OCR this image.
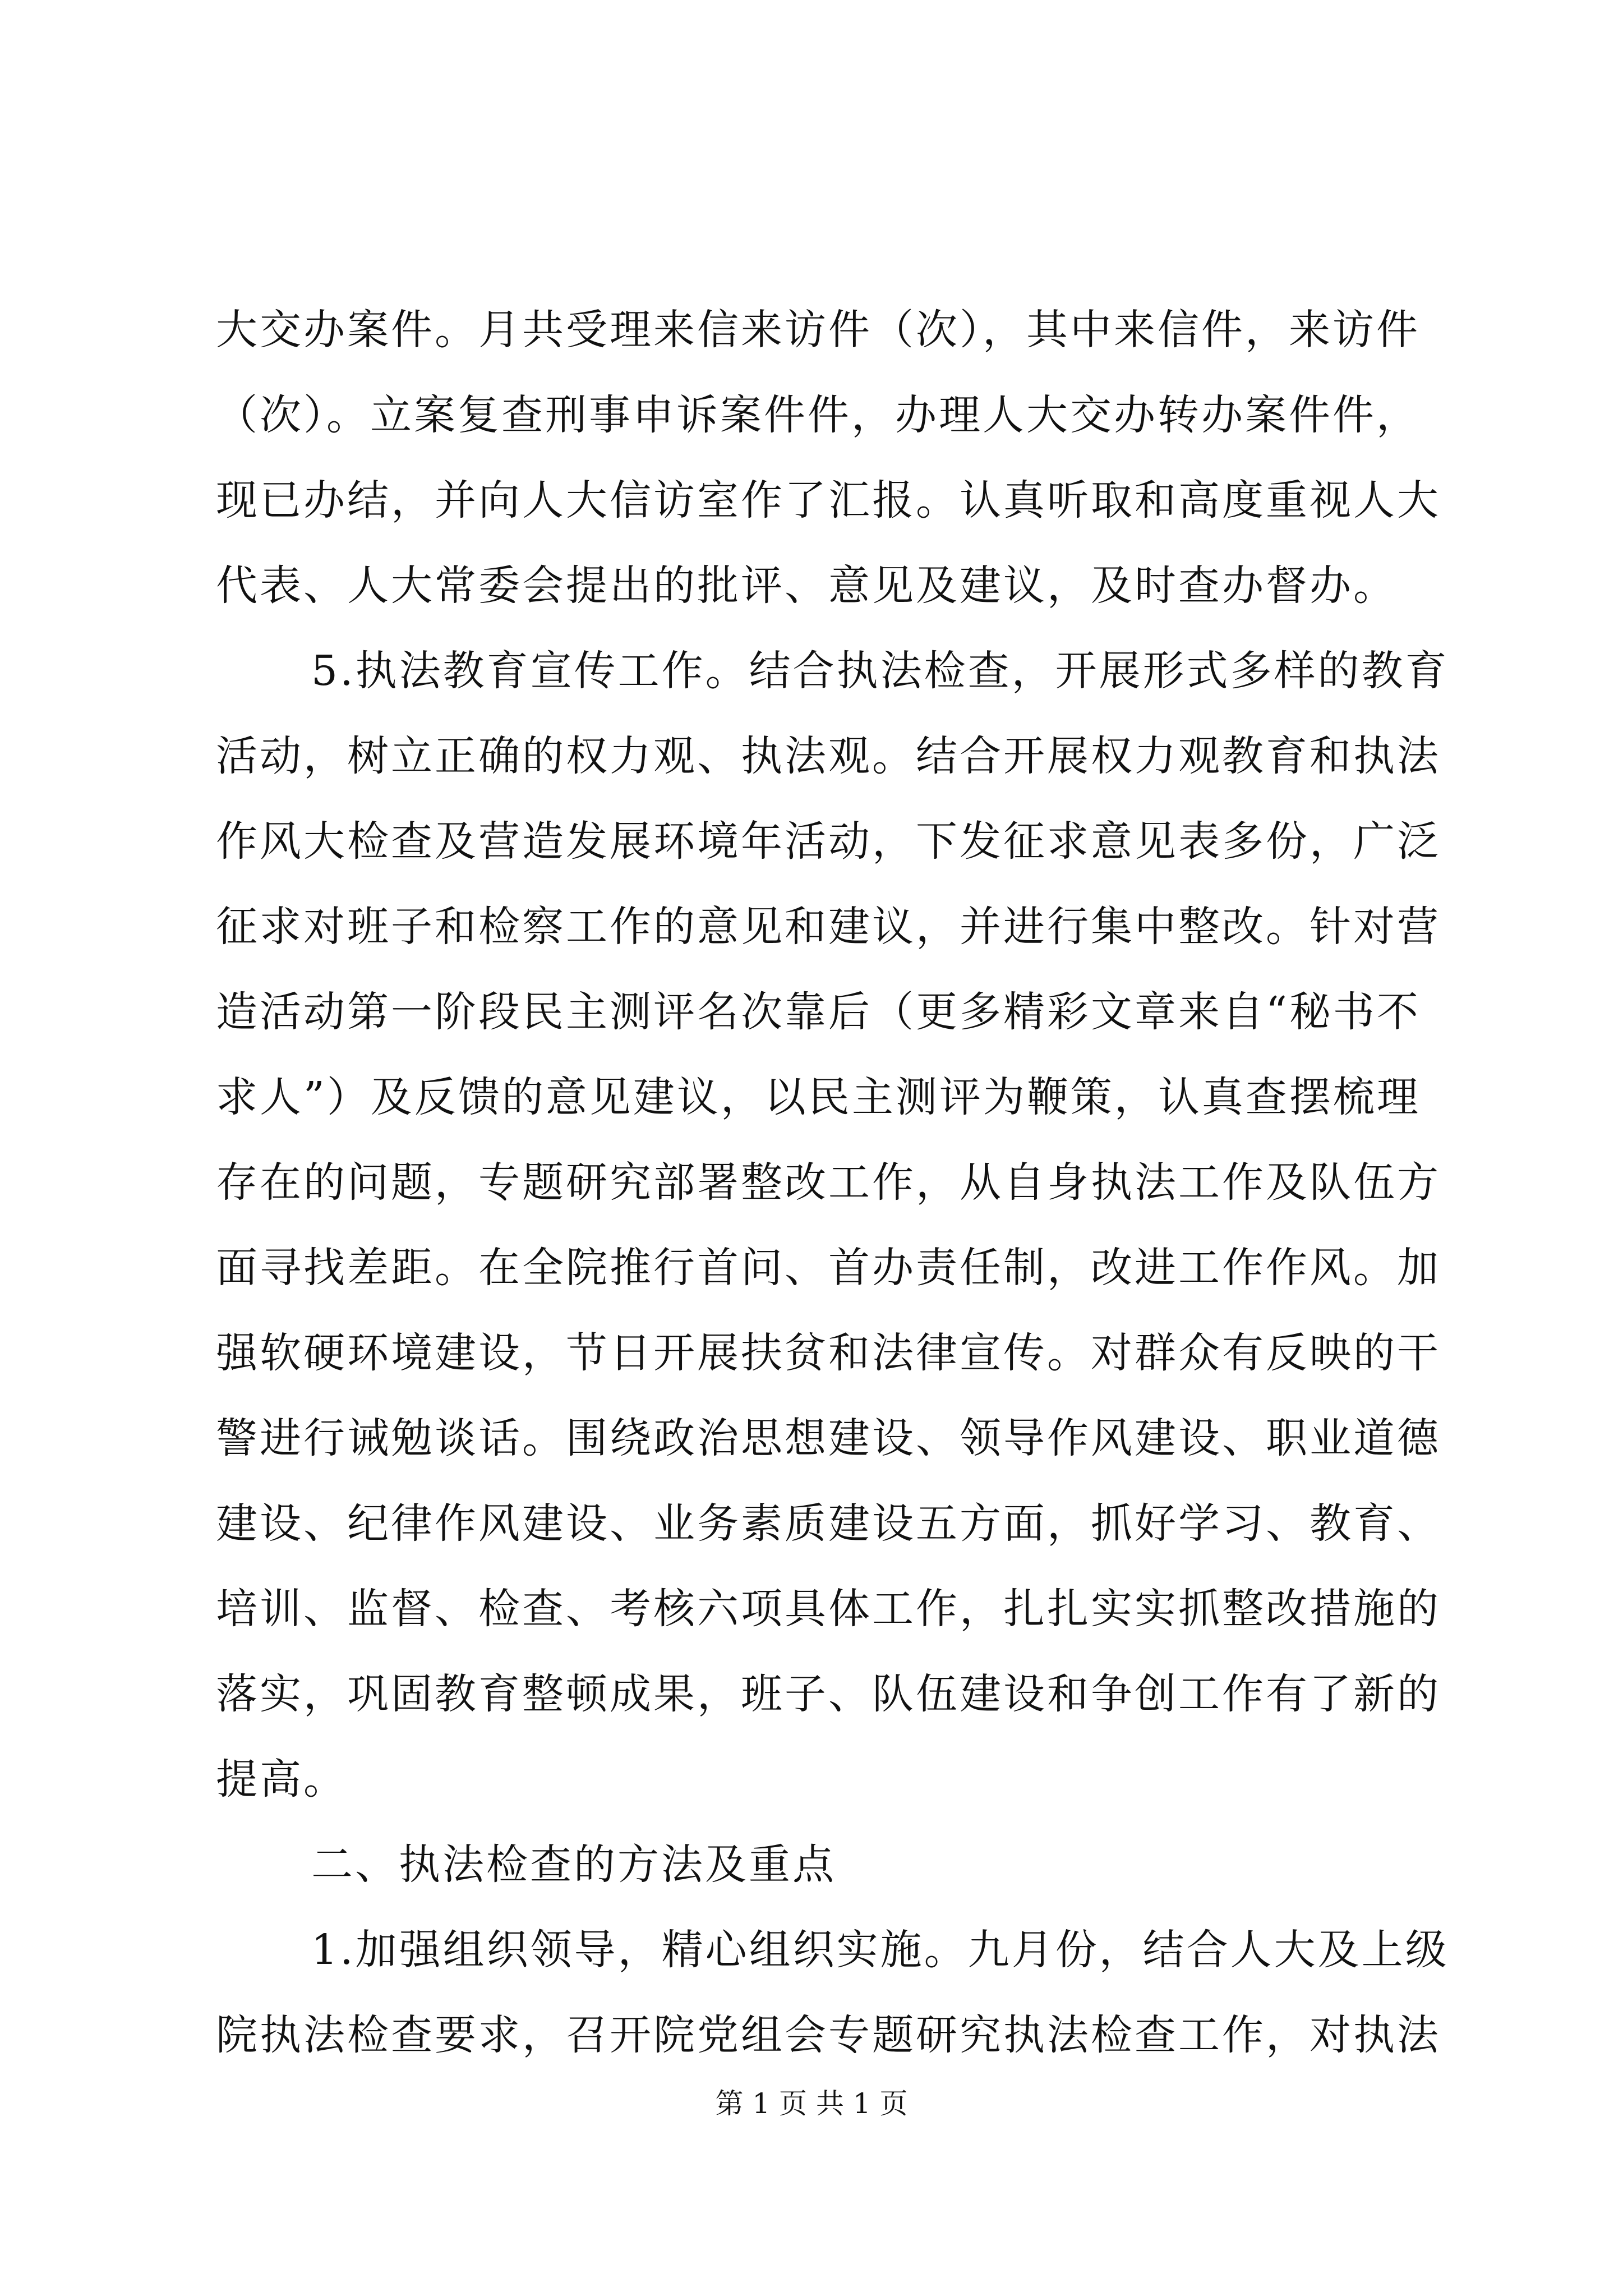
大交办案件。月共受理来信来访件（次），其中来信件，来访件
（次）。立案复查刑事申诉案件件，办理人大交办转办案件件，
现已办结，并向人大信访室作了汇报。认真听取和高度重视人大
代表、人大常委会提出的批评、意见及建议，及时查办督办。
5.执法教育宣传工作。结合执法检查，开展形式多样的教育
活动，树立正确的权力观、执法观。结合开展权力观教育和执法
作风大检查及营造发展环境年活动，下发征求意见表多份，广泛
征求对班子和检察工作的意见和建议，并进行集中整改。针对营
造活动第一阶段民主测评名次靠后（更多精彩文章来自“秘书不
求人”）及反馈的意见建议，以民主测评为鞭策，认真查摆梳理
存在的问题，专题研究部署整改工作，从自身执法工作及队伍方
面寻找差距。在全院推行首问、首办责任制，改进工作作风。加
强软硬环境建设，节日开展扶贫和法律宣传。对群众有反映的干
警进行诫勉谈话。围绕政治思想建设、领导作风建设、职业道德
建设、纪律作风建设、业务素质建设五方面，抓好学习、教育、
培训、监督、检查、考核六项具体工作，扎扎实实抓整改措施的
落实，巩固教育整顿成果，班子、队伍建设和争创工作有了新的
提高。
二、执法检查的方法及重点
1.加强组织领导，精心组织实施。九月份，结合人大及上级
院执法检查要求，召开院党组会专题研究执法检查工作，对执法
第 1 页 共 1 页
